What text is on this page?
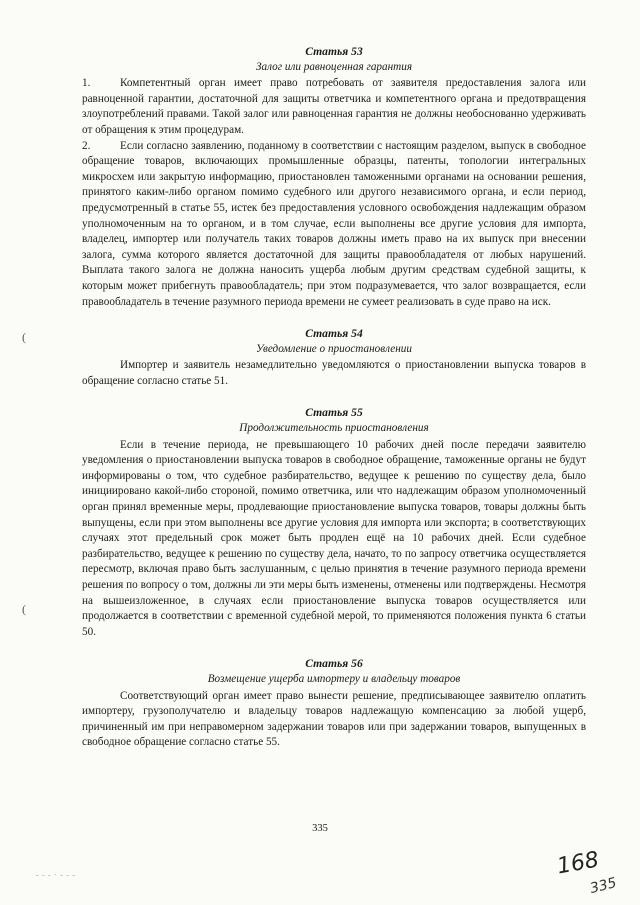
Статья 53

Залог или равноценная гарантия

1.	Компетентный орган имеет право потребовать от заявителя предоставления залога или равноценной гарантии, достаточной для защиты ответчика и компетентного органа и предотвращения злоупотреблений правами. Такой залог или равноценная гарантия не должны необоснованно удерживать от обращения к этим процедурам.

2.	Если согласно заявлению, поданному в соответствии с настоящим разделом, выпуск в свободное обращение товаров, включающих промышленные образцы, патенты, топологии интегральных микросхем или закрытую информацию, приостановлен таможенными органами на основании решения, принятого каким-либо органом помимо судебного или другого независимого органа, и если период, предусмотренный в статье 55, истек без предоставления условного освобождения надлежащим образом уполномоченным на то органом, и в том случае, если выполнены все другие условия для импорта, владелец, импортер или получатель таких товаров должны иметь право на их выпуск при внесении залога, сумма которого является достаточной для защиты правообладателя от любых нарушений. Выплата такого залога не должна наносить ущерба любым другим средствам судебной защиты, к которым может прибегнуть правообладатель; при этом подразумевается, что залог возвращается, если правообладатель в течение разумного периода времени не сумеет реализовать в суде право на иск.

Статья 54

Уведомление о приостановлении

Импортер и заявитель незамедлительно уведомляются о приостановлении выпуска товаров в обращение согласно статье 51.

Статья 55

Продолжительность приостановления

Если в течение периода, не превышающего 10 рабочих дней после передачи заявителю уведомления о приостановлении выпуска товаров в свободное обращение, таможенные органы не будут информированы о том, что судебное разбирательство, ведущее к решению по существу дела, было инициировано какой-либо стороной, помимо ответчика, или что надлежащим образом уполномоченный орган принял временные меры, продлевающие приостановление выпуска товаров, товары должны быть выпущены, если при этом выполнены все другие условия для импорта или экспорта; в соответствующих случаях этот предельный срок может быть продлен ещё на 10 рабочих дней. Если судебное разбирательство, ведущее к решению по существу дела, начато, то по запросу ответчика осуществляется пересмотр, включая право быть заслушанным, с целью принятия в течение разумного периода времени решения по вопросу о том, должны ли эти меры быть изменены, отменены или подтверждены. Несмотря на вышеизложенное, в случаях если приостановление выпуска товаров осуществляется или продолжается в соответствии с временной судебной мерой, то применяются положения пункта 6 статьи 50.

Статья 56

Возмещение ущерба импортеру и владельцу товаров

Соответствующий орган имеет право вынести решение, предписывающее заявителю оплатить импортеру, грузополучателю и владельцу товаров надлежащую компенсацию за любой ущерб, причиненный им при неправомерном задержании товаров или при задержании товаров, выпущенных в свободное обращение согласно статье 55.

335
(
(
- - - · - - -	168
335
